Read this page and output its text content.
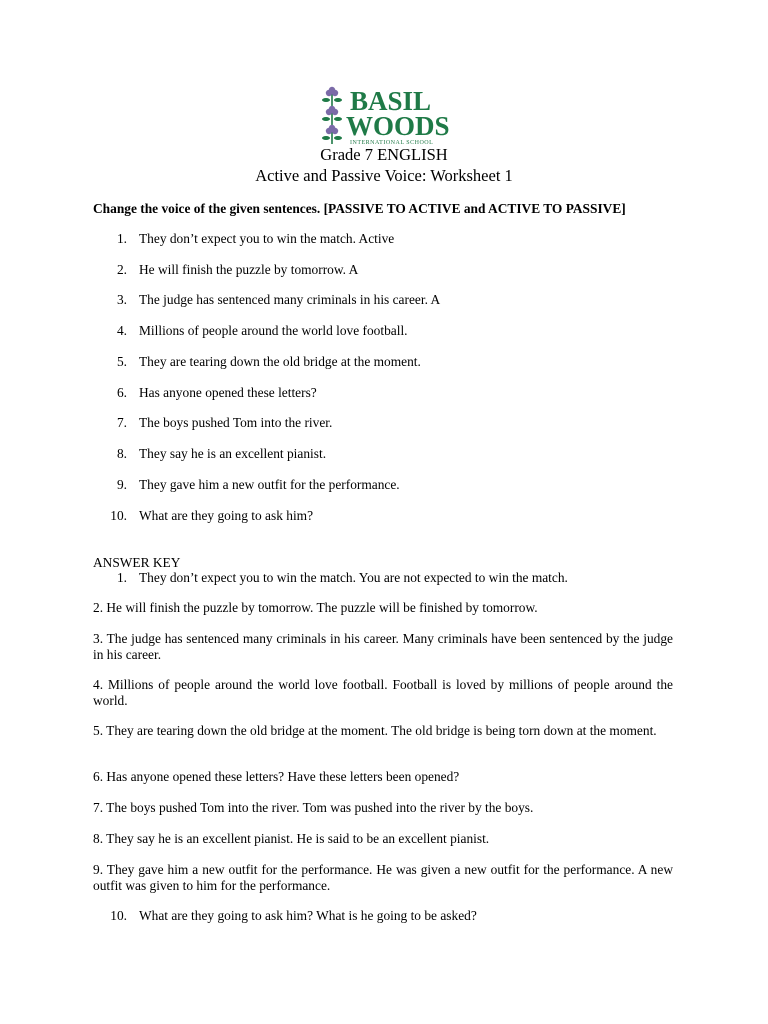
BASIL
WOODS
INTERNATIONAL SCHOOL
Grade 7 ENGLISH
Active and Passive Voice: Worksheet 1
Change the voice of the given sentences. [PASSIVE TO ACTIVE and ACTIVE TO PASSIVE]
1. They don’t expect you to win the match. Active
2. He will finish the puzzle by tomorrow. A
3. The judge has sentenced many criminals in his career. A
4. Millions of people around the world love football.
5. They are tearing down the old bridge at the moment.
6. Has anyone opened these letters?
7. The boys pushed Tom into the river.
8. They say he is an excellent pianist.
9. They gave him a new outfit for the performance.
10. What are they going to ask him?
ANSWER KEY
1. They don’t expect you to win the match. You are not expected to win the match.
2. He will finish the puzzle by tomorrow. The puzzle will be finished by tomorrow.
3. The judge has sentenced many criminals in his career. Many criminals have been sentenced by the judge in his career.
4. Millions of people around the world love football. Football is loved by millions of people around the world.
5. They are tearing down the old bridge at the moment. The old bridge is being torn down at the moment.
6. Has anyone opened these letters? Have these letters been opened?
7. The boys pushed Tom into the river. Tom was pushed into the river by the boys.
8. They say he is an excellent pianist. He is said to be an excellent pianist.
9. They gave him a new outfit for the performance. He was given a new outfit for the performance. A new outfit was given to him for the performance.
10. What are they going to ask him? What is he going to be asked?
